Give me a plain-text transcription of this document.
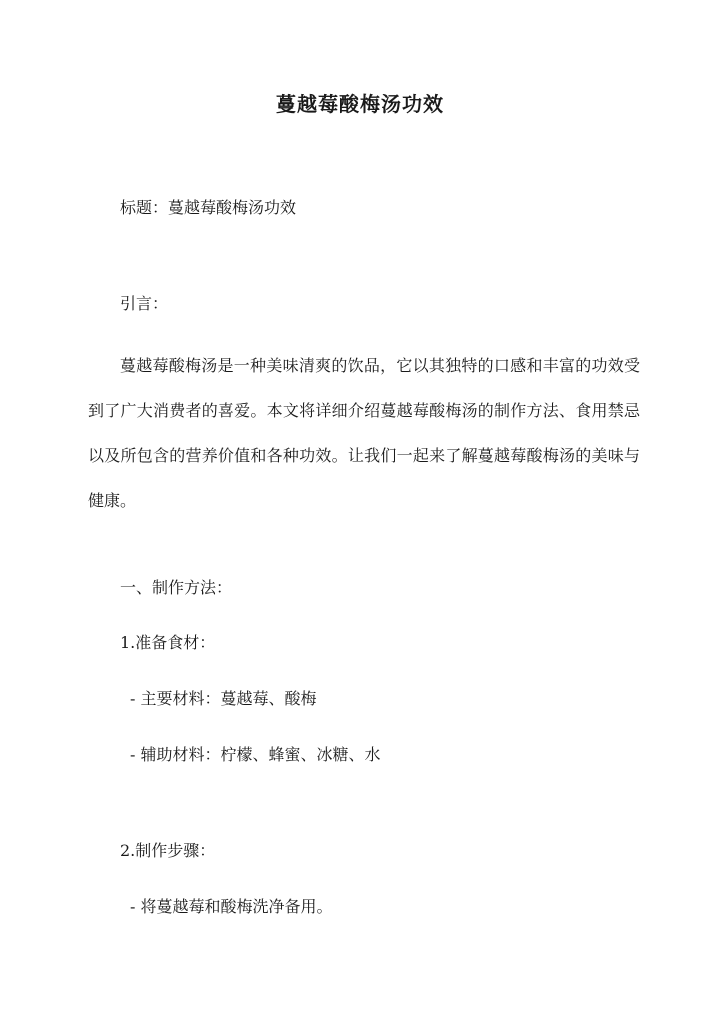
蔓越莓酸梅汤功效
标题：蔓越莓酸梅汤功效
引言：
蔓越莓酸梅汤是一种美味清爽的饮品，它以其独特的口感和丰富的功效受到了广大消费者的喜爱。本文将详细介绍蔓越莓酸梅汤的制作方法、食用禁忌以及所包含的营养价值和各种功效。让我们一起来了解蔓越莓酸梅汤的美味与健康。
一、制作方法：
1.准备食材：
- 主要材料：蔓越莓、酸梅
- 辅助材料：柠檬、蜂蜜、冰糖、水
2.制作步骤：
- 将蔓越莓和酸梅洗净备用。
